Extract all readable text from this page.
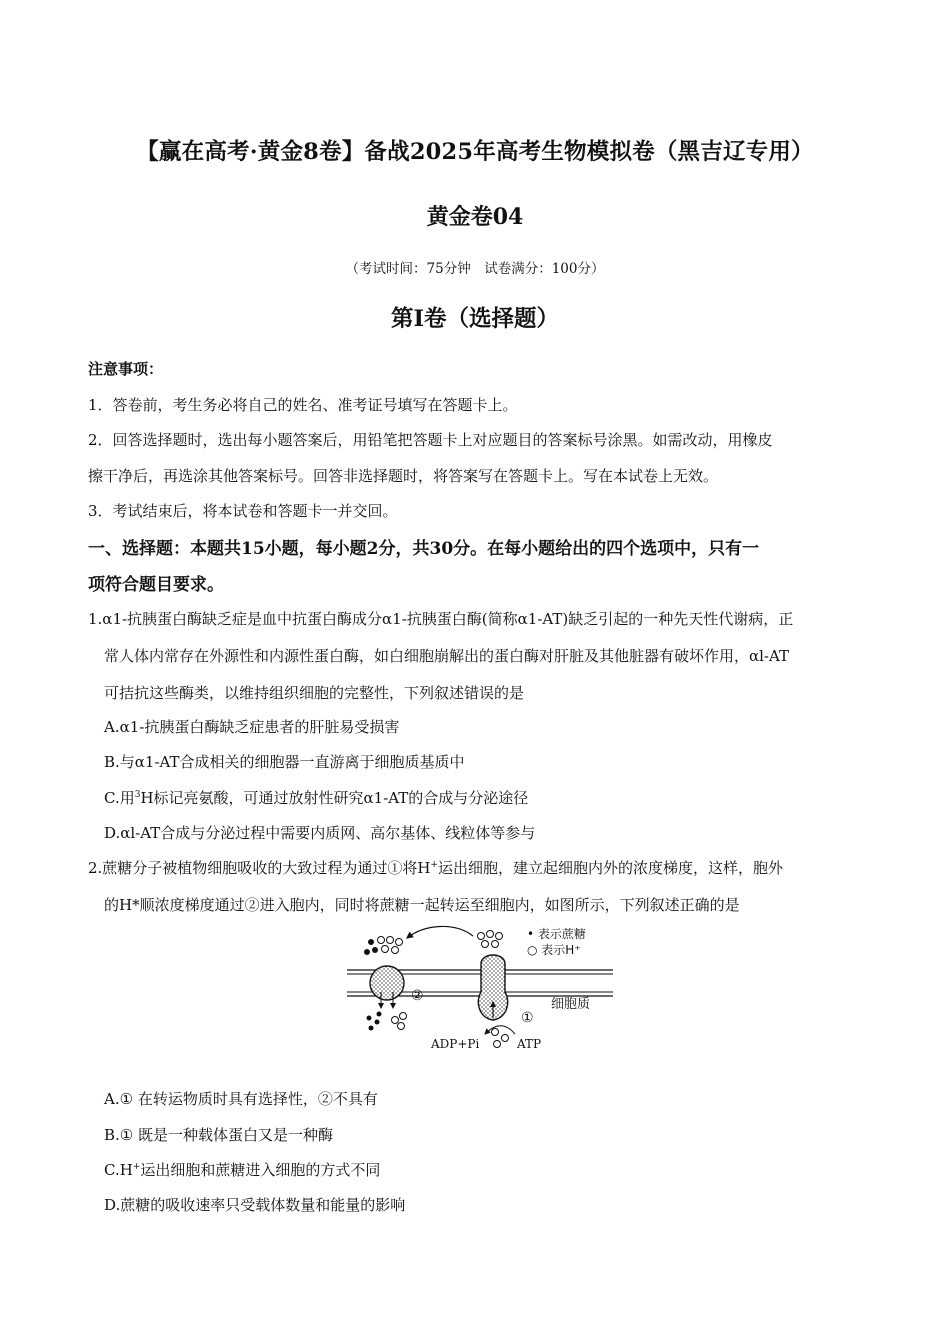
【赢在高考·黄金8卷】备战2025年高考生物模拟卷（黑吉辽专用）
黄金卷04
（考试时间：75分钟　试卷满分：100分）
第I卷（选择题）
注意事项：
1．答卷前，考生务必将自己的姓名、准考证号填写在答题卡上。
2．回答选择题时，选出每小题答案后，用铅笔把答题卡上对应题目的答案标号涂黑。如需改动，用橡皮
擦干净后，再选涂其他答案标号。回答非选择题时，将答案写在答题卡上。写在本试卷上无效。
3．考试结束后，将本试卷和答题卡一并交回。
一、选择题：本题共15小题，每小题2分，共30分。在每小题给出的四个选项中，只有一
项符合题目要求。
1.α1-抗胰蛋白酶缺乏症是血中抗蛋白酶成分α1-抗胰蛋白酶(简称α1-AT)缺乏引起的一种先天性代谢病，正
常人体内常存在外源性和内源性蛋白酶，如白细胞崩解出的蛋白酶对肝脏及其他脏器有破坏作用，αl-AT
可拮抗这些酶类，以维持组织细胞的完整性，下列叙述错误的是
A.α1-抗胰蛋白酶缺乏症患者的肝脏易受损害
B.与α1-AT合成相关的细胞器一直游离于细胞质基质中
C.用$^3$H标记亮氨酸，可通过放射性研究α1-AT的合成与分泌途径
D.αl-AT合成与分泌过程中需要内质网、高尔基体、线粒体等参与
2.蔗糖分子被植物细胞吸收的大致过程为通过①将H+运出细胞，建立起细胞内外的浓度梯度，这样，胞外
的H*顺浓度梯度通过②进入胞内，同时将蔗糖一起转运至细胞内，如图所示，下列叙述正确的是
②
①
ADP+Pi	ATP
细胞质
• 表示蔗糖
○ 表示H⁺
A.① 在转运物质时具有选择性，②不具有
B.① 既是一种载体蛋白又是一种酶
C.H+运出细胞和蔗糖进入细胞的方式不同
D.蔗糖的吸收速率只受载体数量和能量的影响
